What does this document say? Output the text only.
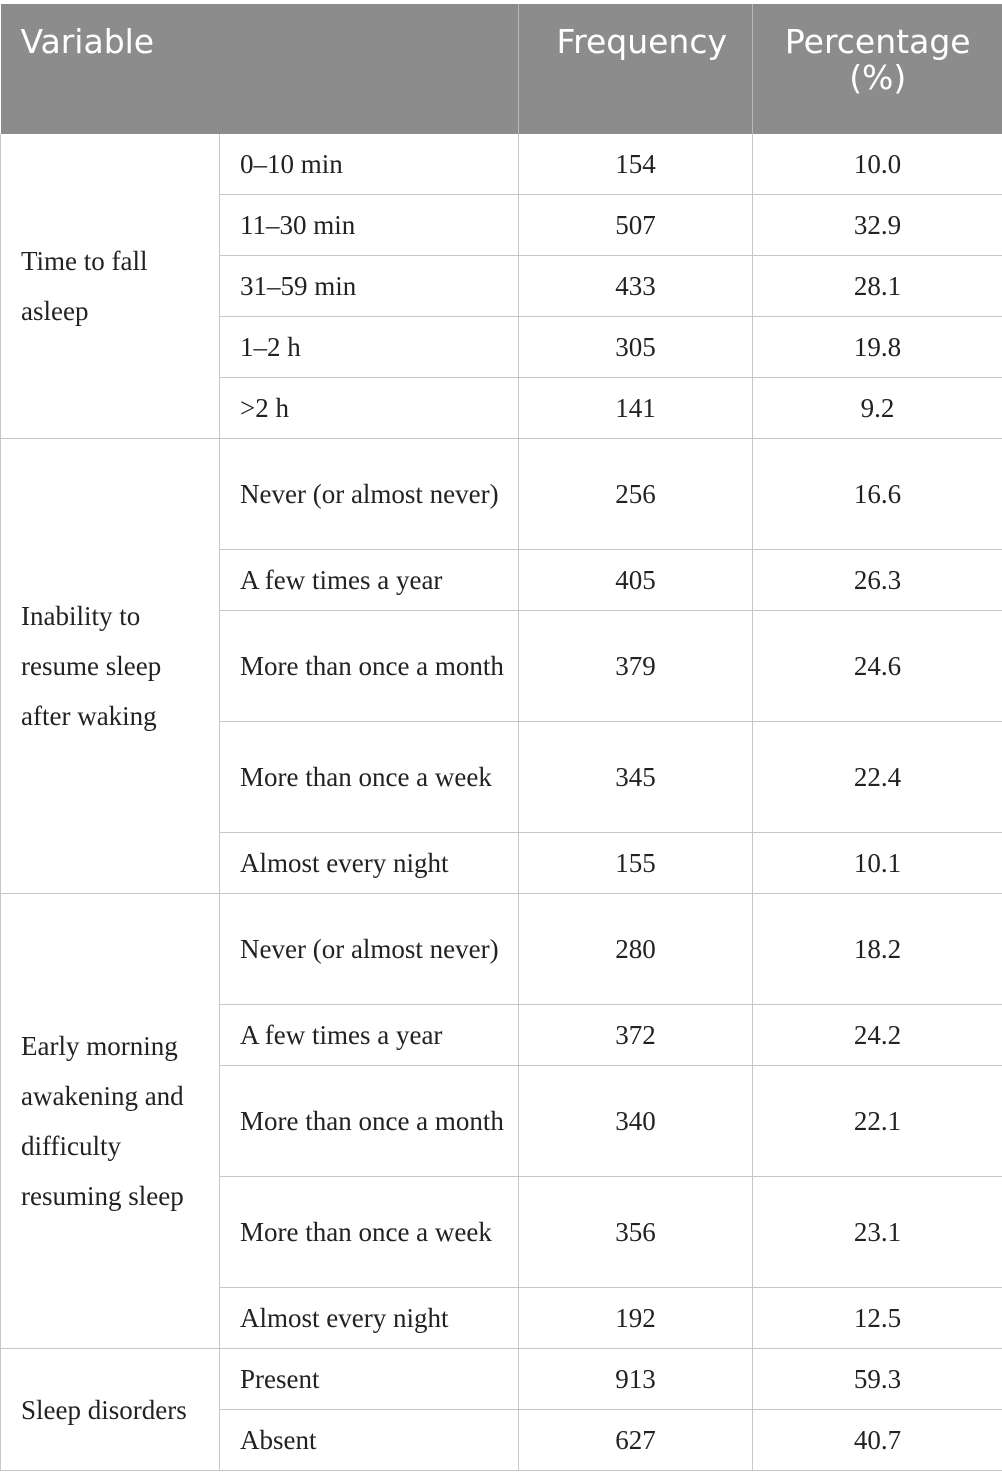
Variable		Frequency	Percentage (%)
Time to fall asleep	0–10 min	154	10.0
	11–30 min	507	32.9
	31–59 min	433	28.1
	1–2 h	305	19.8
	>2 h	141	9.2
Inability to resume sleep after waking	Never (or almost never)	256	16.6
	A few times a year	405	26.3
	More than once a month	379	24.6
	More than once a week	345	22.4
	Almost every night	155	10.1
Early morning awakening and difficulty resuming sleep	Never (or almost never)	280	18.2
	A few times a year	372	24.2
	More than once a month	340	22.1
	More than once a week	356	23.1
	Almost every night	192	12.5
Sleep disorders	Present	913	59.3
	Absent	627	40.7
